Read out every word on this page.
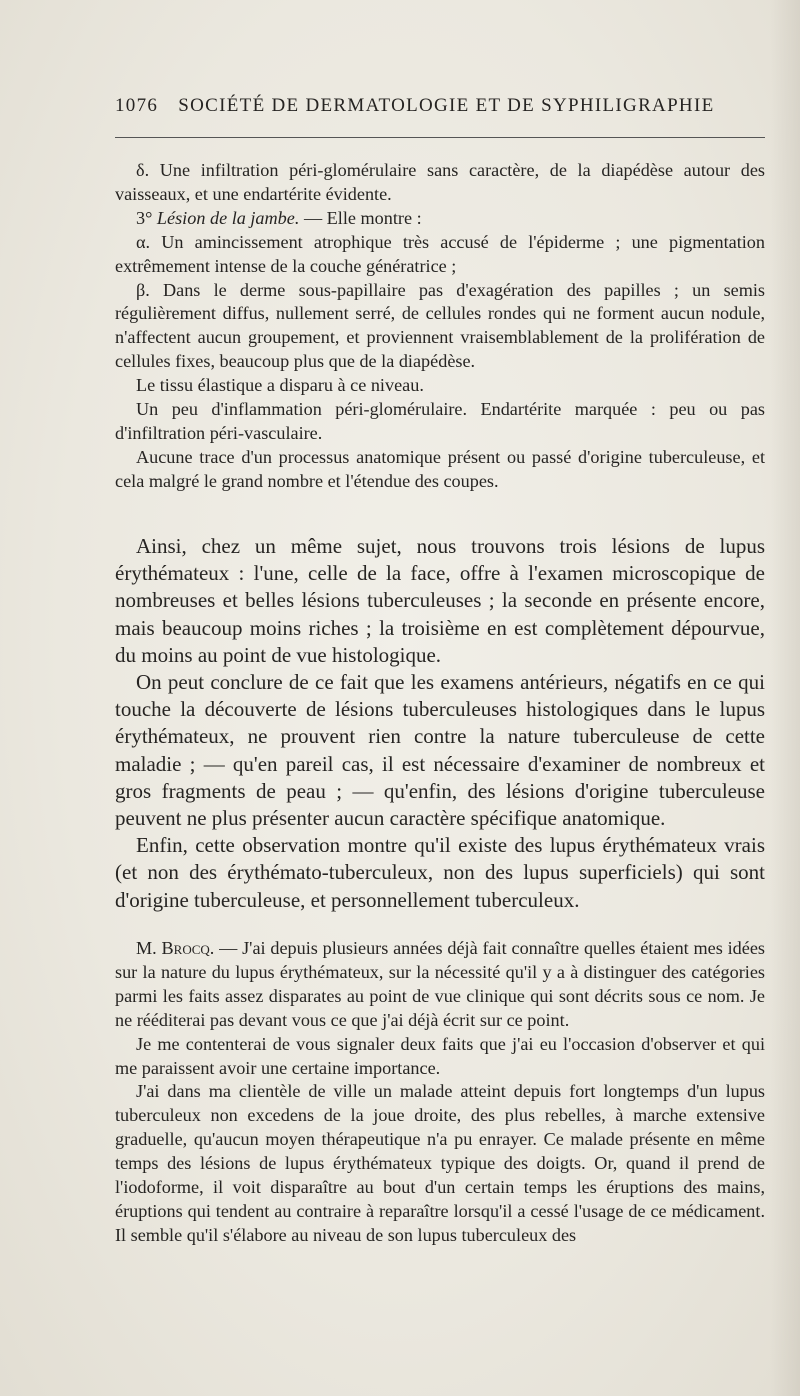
1076 SOCIÉTÉ DE DERMATOLOGIE ET DE SYPHILIGRAPHIE

δ. Une infiltration péri-glomérulaire sans caractère, de la diapédèse autour des vaisseaux, et une endartérite évidente.

3° Lésion de la jambe. — Elle montre :

α. Un amincissement atrophique très accusé de l'épiderme ; une pigmentation extrêmement intense de la couche génératrice ;

β. Dans le derme sous-papillaire pas d'exagération des papilles ; un semis régulièrement diffus, nullement serré, de cellules rondes qui ne forment aucun nodule, n'affectent aucun groupement, et proviennent vraisemblablement de la prolifération de cellules fixes, beaucoup plus que de la diapédèse.

Le tissu élastique a disparu à ce niveau.

Un peu d'inflammation péri-glomérulaire. Endartérite marquée : peu ou pas d'infiltration péri-vasculaire.

Aucune trace d'un processus anatomique présent ou passé d'origine tuberculeuse, et cela malgré le grand nombre et l'étendue des coupes.

Ainsi, chez un même sujet, nous trouvons trois lésions de lupus érythémateux : l'une, celle de la face, offre à l'examen microscopique de nombreuses et belles lésions tuberculeuses ; la seconde en présente encore, mais beaucoup moins riches ; la troisième en est complètement dépourvue, du moins au point de vue histologique.

On peut conclure de ce fait que les examens antérieurs, négatifs en ce qui touche la découverte de lésions tuberculeuses histologiques dans le lupus érythémateux, ne prouvent rien contre la nature tuberculeuse de cette maladie ; — qu'en pareil cas, il est nécessaire d'examiner de nombreux et gros fragments de peau ; — qu'enfin, des lésions d'origine tuberculeuse peuvent ne plus présenter aucun caractère spécifique anatomique.

Enfin, cette observation montre qu'il existe des lupus érythémateux vrais (et non des érythémato-tuberculeux, non des lupus superficiels) qui sont d'origine tuberculeuse, et personnellement tuberculeux.

M. Brocq. — J'ai depuis plusieurs années déjà fait connaître quelles étaient mes idées sur la nature du lupus érythémateux, sur la nécessité qu'il y a à distinguer des catégories parmi les faits assez disparates au point de vue clinique qui sont décrits sous ce nom. Je ne rééditerai pas devant vous ce que j'ai déjà écrit sur ce point.

Je me contenterai de vous signaler deux faits que j'ai eu l'occasion d'observer et qui me paraissent avoir une certaine importance.

J'ai dans ma clientèle de ville un malade atteint depuis fort longtemps d'un lupus tuberculeux non excedens de la joue droite, des plus rebelles, à marche extensive graduelle, qu'aucun moyen thérapeutique n'a pu enrayer. Ce malade présente en même temps des lésions de lupus érythémateux typique des doigts. Or, quand il prend de l'iodoforme, il voit disparaître au bout d'un certain temps les éruptions des mains, éruptions qui tendent au contraire à reparaître lorsqu'il a cessé l'usage de ce médicament. Il semble qu'il s'élabore au niveau de son lupus tuberculeux des
